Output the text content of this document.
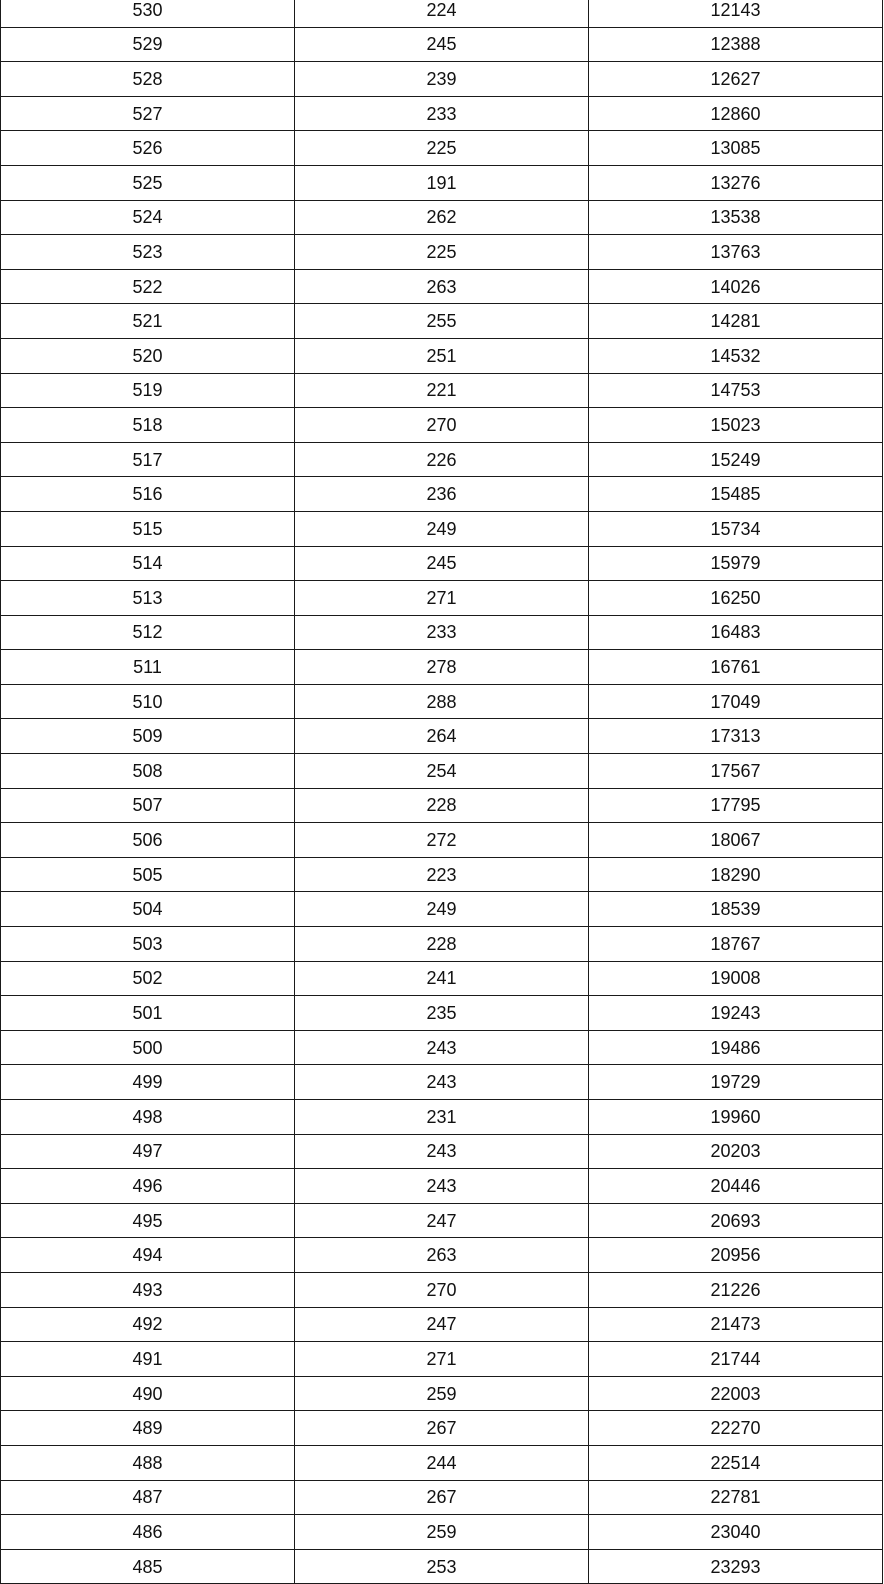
530	224	12143
529	245	12388
528	239	12627
527	233	12860
526	225	13085
525	191	13276
524	262	13538
523	225	13763
522	263	14026
521	255	14281
520	251	14532
519	221	14753
518	270	15023
517	226	15249
516	236	15485
515	249	15734
514	245	15979
513	271	16250
512	233	16483
511	278	16761
510	288	17049
509	264	17313
508	254	17567
507	228	17795
506	272	18067
505	223	18290
504	249	18539
503	228	18767
502	241	19008
501	235	19243
500	243	19486
499	243	19729
498	231	19960
497	243	20203
496	243	20446
495	247	20693
494	263	20956
493	270	21226
492	247	21473
491	271	21744
490	259	22003
489	267	22270
488	244	22514
487	267	22781
486	259	23040
485	253	23293
